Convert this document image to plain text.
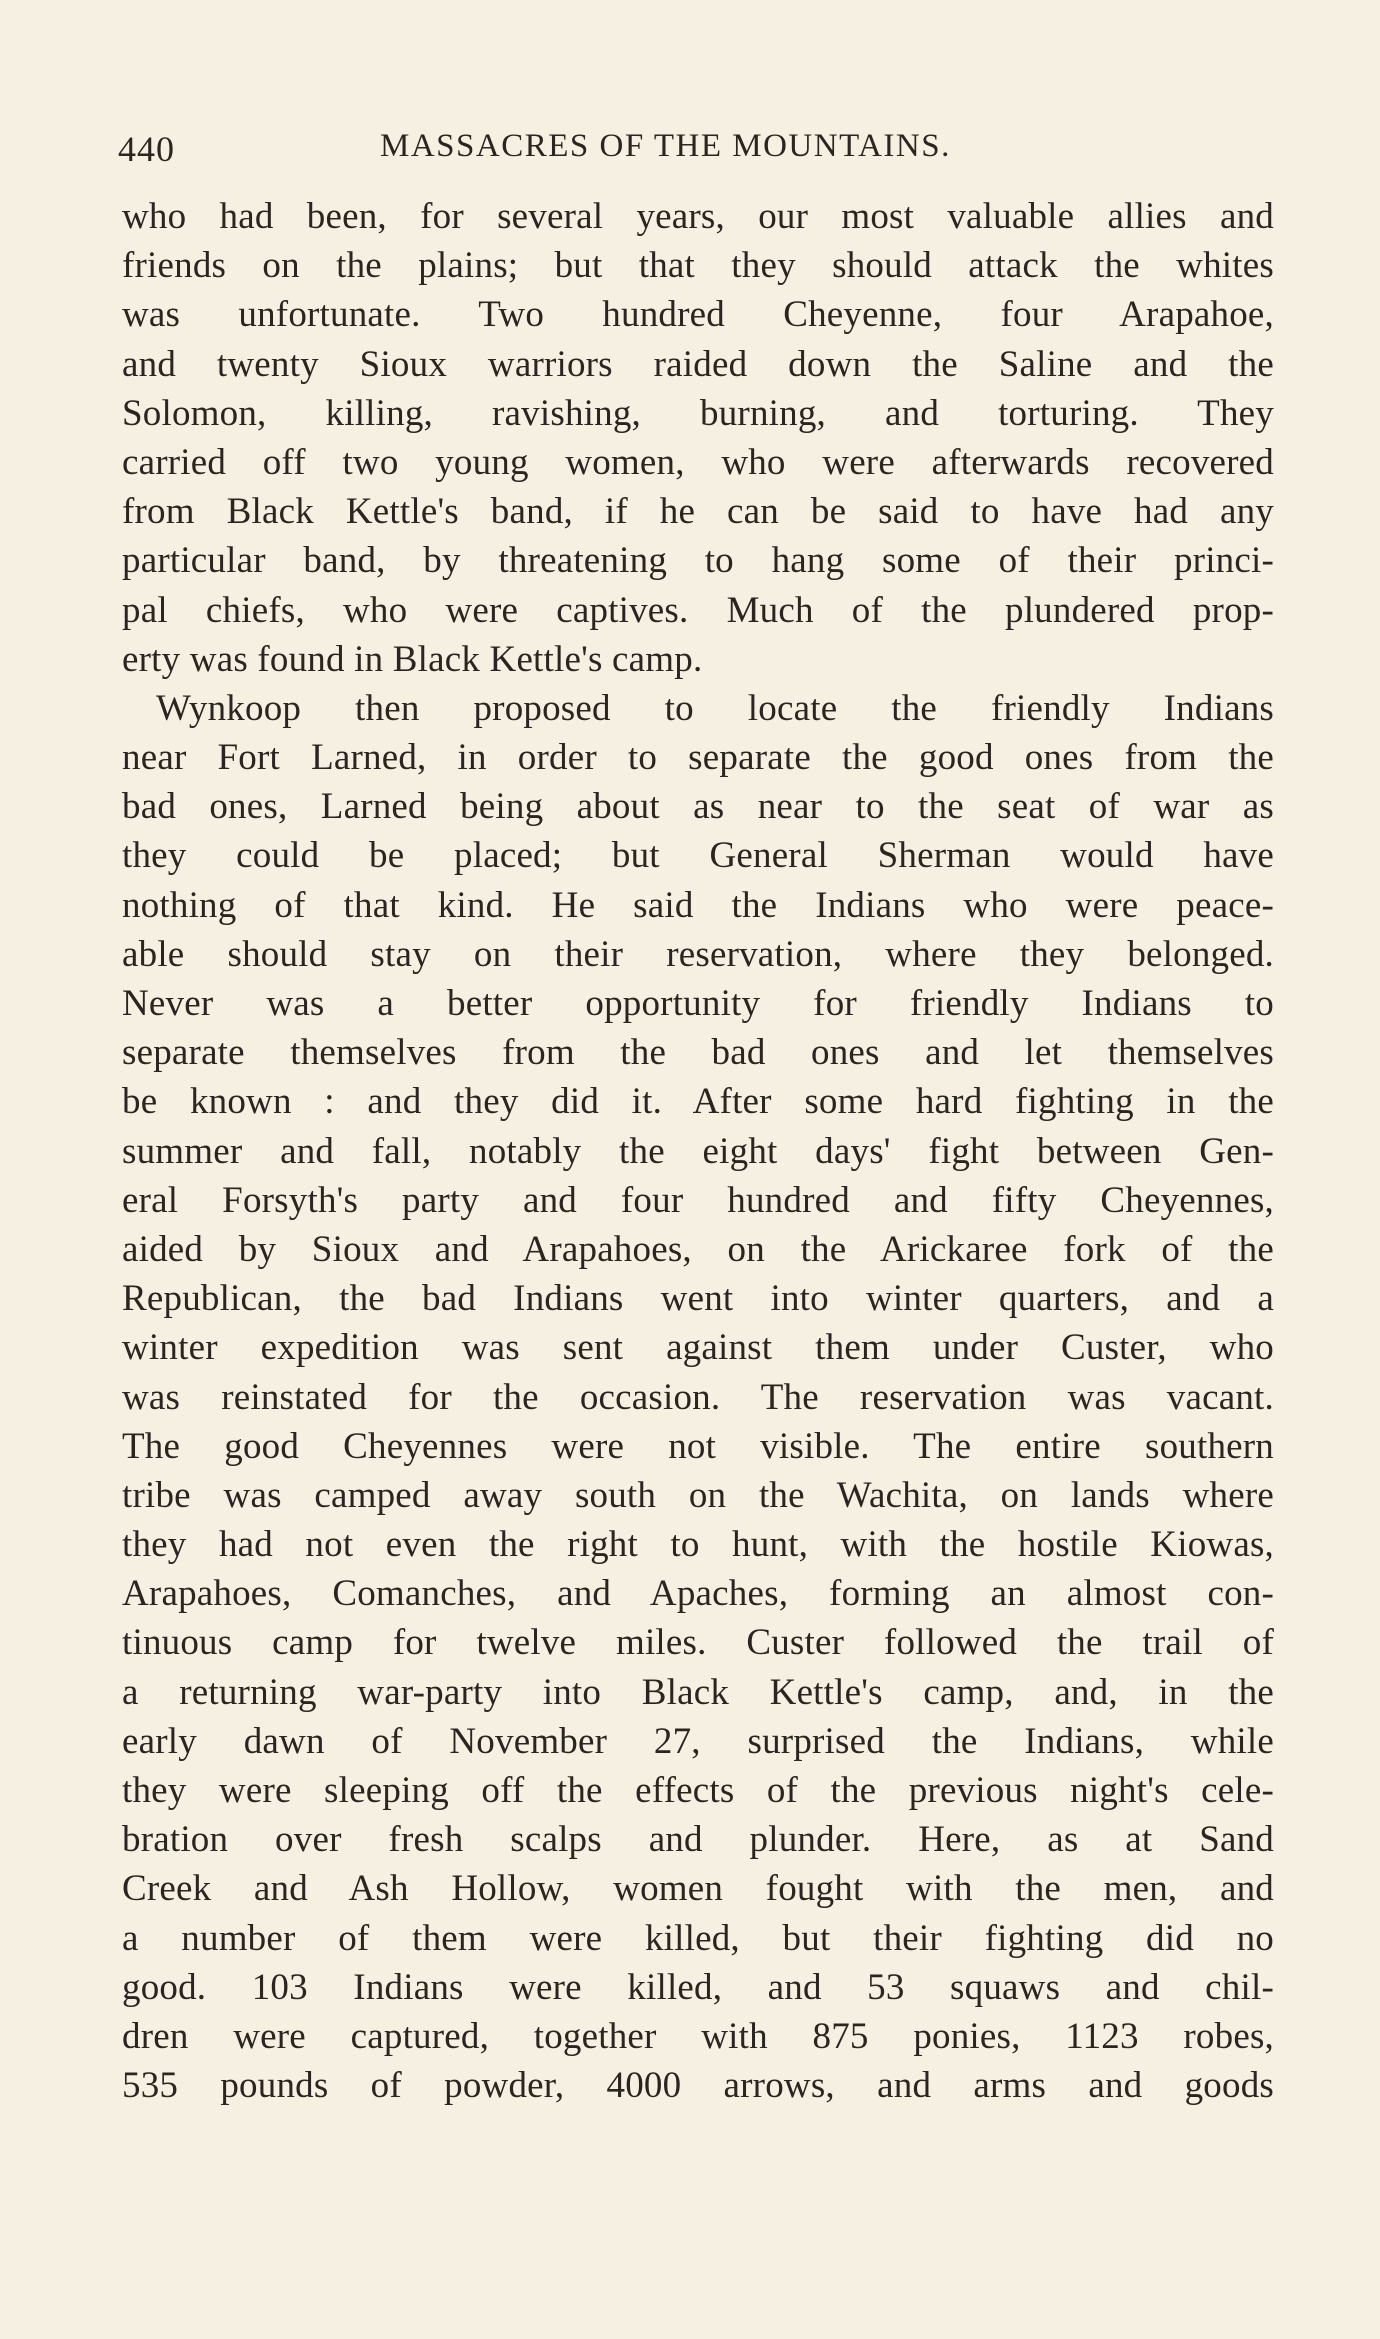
440	MASSACRES OF THE MOUNTAINS.
who had been, for several years, our most valuable allies and
friends on the plains; but that they should attack the whites
was unfortunate. Two hundred Cheyenne, four Arapahoe,
and twenty Sioux warriors raided down the Saline and the
Solomon, killing, ravishing, burning, and torturing. They
carried off two young women, who were afterwards recovered
from Black Kettle's band, if he can be said to have had any
particular band, by threatening to hang some of their princi-
pal chiefs, who were captives. Much of the plundered prop-
erty was found in Black Kettle's camp.
Wynkoop then proposed to locate the friendly Indians
near Fort Larned, in order to separate the good ones from the
bad ones, Larned being about as near to the seat of war as
they could be placed; but General Sherman would have
nothing of that kind. He said the Indians who were peace-
able should stay on their reservation, where they belonged.
Never was a better opportunity for friendly Indians to
separate themselves from the bad ones and let themselves
be known : and they did it. After some hard fighting in the
summer and fall, notably the eight days' fight between Gen-
eral Forsyth's party and four hundred and fifty Cheyennes,
aided by Sioux and Arapahoes, on the Arickaree fork of the
Republican, the bad Indians went into winter quarters, and a
winter expedition was sent against them under Custer, who
was reinstated for the occasion. The reservation was vacant.
The good Cheyennes were not visible. The entire southern
tribe was camped away south on the Wachita, on lands where
they had not even the right to hunt, with the hostile Kiowas,
Arapahoes, Comanches, and Apaches, forming an almost con-
tinuous camp for twelve miles. Custer followed the trail of
a returning war-party into Black Kettle's camp, and, in the
early dawn of November 27, surprised the Indians, while
they were sleeping off the effects of the previous night's cele-
bration over fresh scalps and plunder. Here, as at Sand
Creek and Ash Hollow, women fought with the men, and
a number of them were killed, but their fighting did no
good. 103 Indians were killed, and 53 squaws and chil-
dren were captured, together with 875 ponies, 1123 robes,
535 pounds of powder, 4000 arrows, and arms and goods
